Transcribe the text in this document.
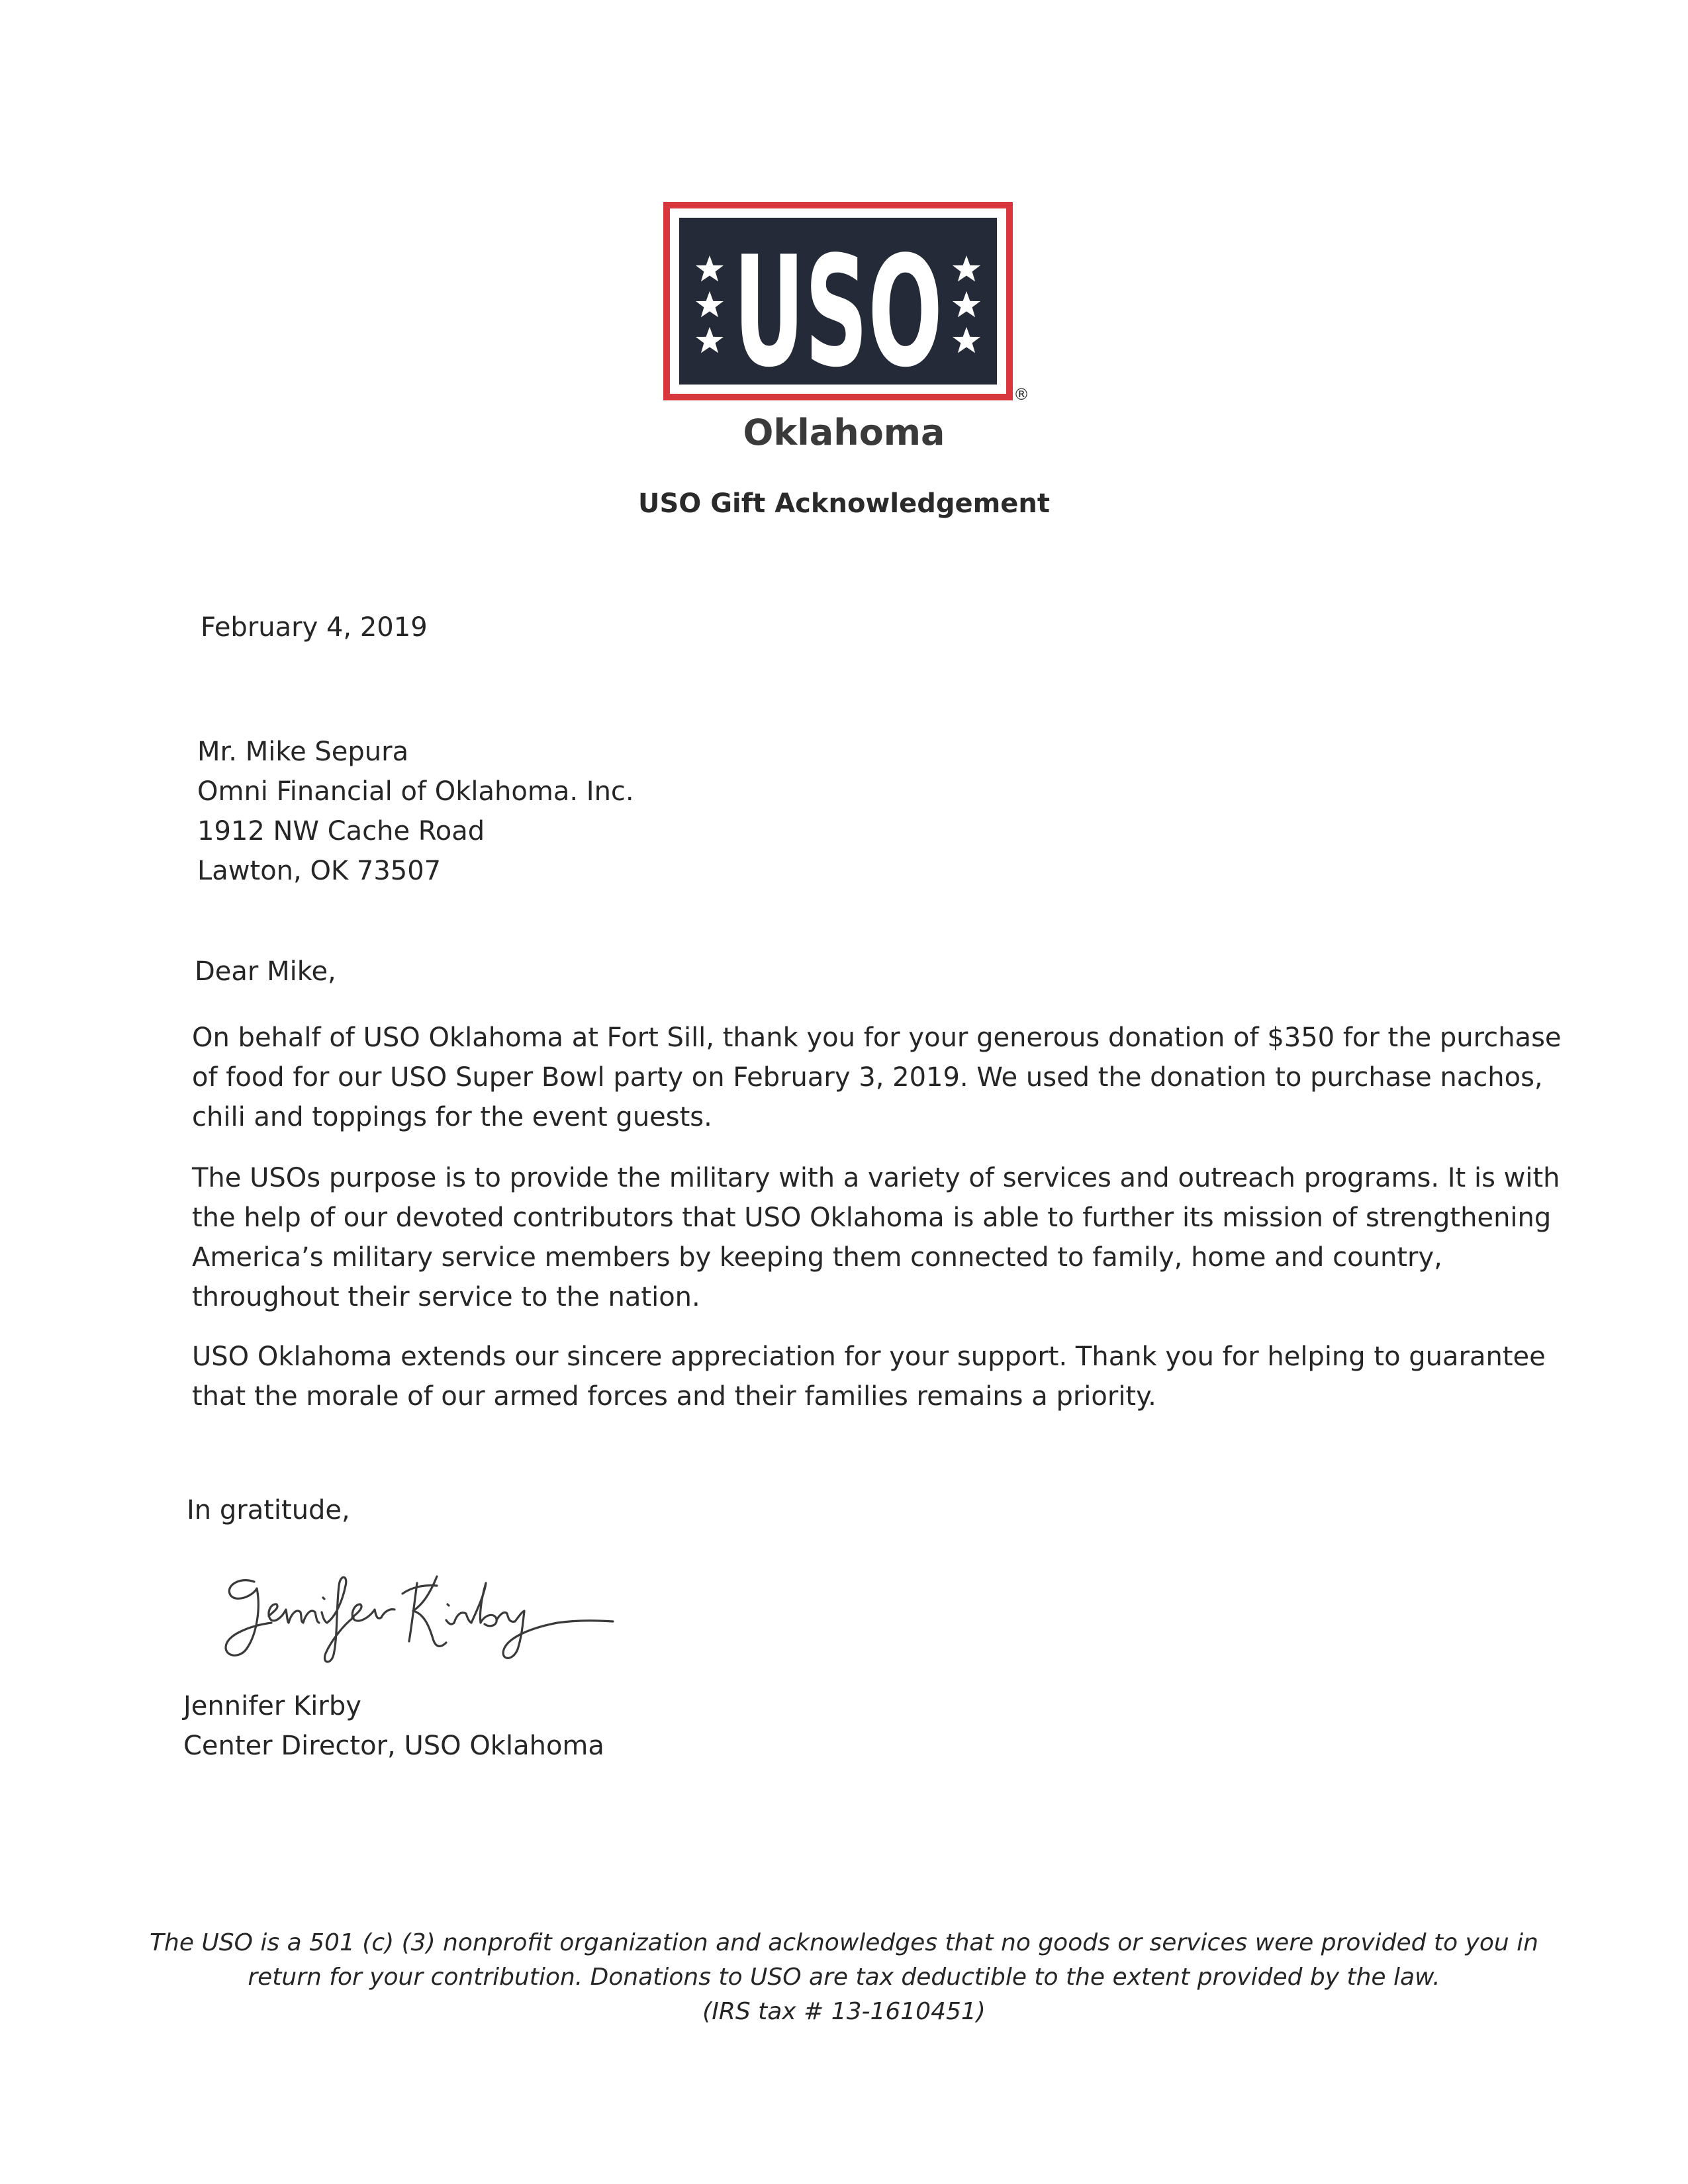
USO	®
Oklahoma
USO Gift Acknowledgement
February 4, 2019
Mr. Mike Sepura
Omni Financial of Oklahoma. Inc.
1912 NW Cache Road
Lawton, OK 73507
Dear Mike,
On behalf of USO Oklahoma at Fort Sill, thank you for your generous donation of $350 for the purchase
of food for our USO Super Bowl party on February 3, 2019. We used the donation to purchase nachos,
chili and toppings for the event guests.
The USOs purpose is to provide the military with a variety of services and outreach programs. It is with
the help of our devoted contributors that USO Oklahoma is able to further its mission of strengthening
America’s military service members by keeping them connected to family, home and country,
throughout their service to the nation.
USO Oklahoma extends our sincere appreciation for your support. Thank you for helping to guarantee
that the morale of our armed forces and their families remains a priority.
In gratitude,
Jennifer Kirby
Center Director, USO Oklahoma
The USO is a 501 (c) (3) nonprofit organization and acknowledges that no goods or services were provided to you in
return for your contribution. Donations to USO are tax deductible to the extent provided by the law.
(IRS tax # 13-1610451)
